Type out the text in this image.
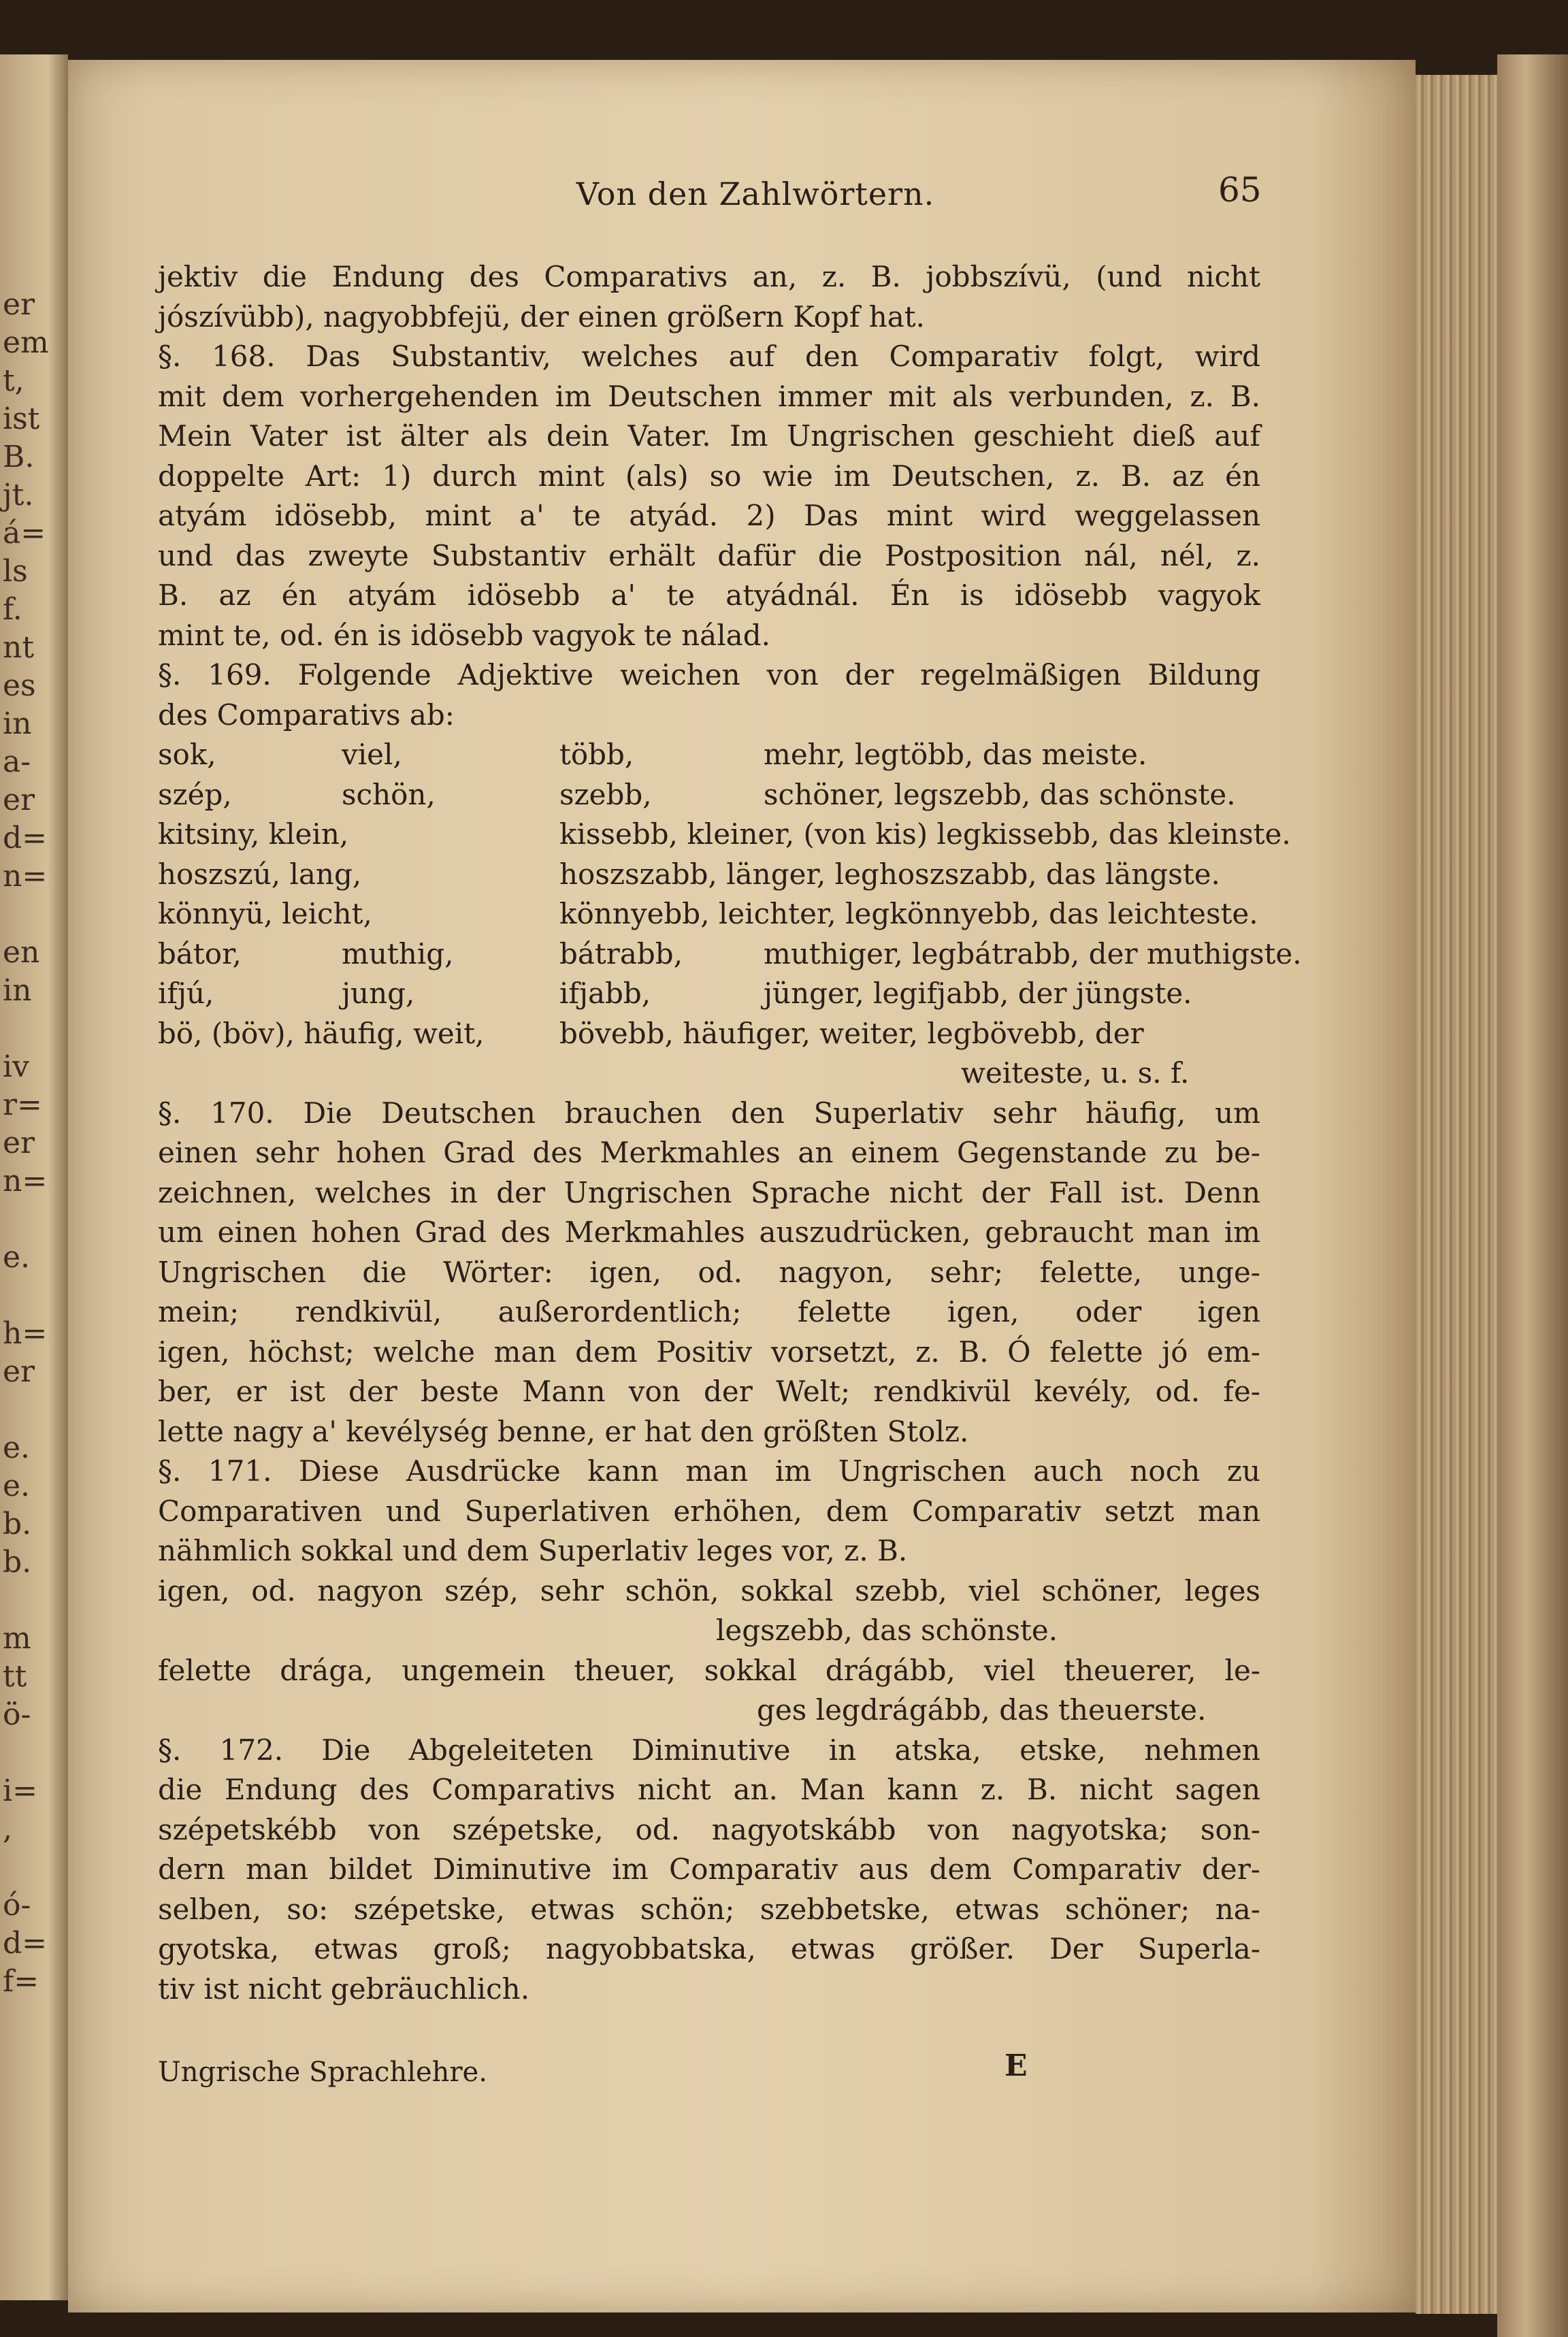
er
em
t,
ist
B.
jt.
á=
ls
f.
nt
es
in
a-
er
d=
n=

en
in

iv
r=
er
n=

e.

h=
er

e.
e.
b.
b.

m
tt
ö-

i=
,

ó-
d=
f=
Von den Zahlwörtern.	65
jektiv die Endung des Comparativs an, z. B. jobbszívü, (und nicht
jószívübb), nagyobbfejü, der einen größern Kopf hat.
§. 168. Das Substantiv, welches auf den Comparativ folgt, wird
mit dem vorhergehenden im Deutschen immer mit als verbunden, z. B.
Mein Vater ist älter als dein Vater. Im Ungrischen geschieht dieß auf
doppelte Art: 1) durch mint (als) so wie im Deutschen, z. B. az én
atyám idösebb, mint a' te atyád. 2) Das mint wird weggelassen
und das zweyte Substantiv erhält dafür die Postposition nál, nél, z.
B. az én atyám idösebb a' te atyádnál. Én is idösebb vagyok
mint te, od. én is idösebb vagyok te nálad.
§. 169. Folgende Adjektive weichen von der regelmäßigen Bildung
des Comparativs ab:
sok,	viel,	több,	mehr, legtöbb, das meiste.
szép,	schön,	szebb,	schöner, legszebb, das schönste.
kitsiny, klein,	kissebb, kleiner, (von kis) legkissebb, das kleinste.
hoszszú, lang,	hoszszabb, länger, leghoszszabb, das längste.
könnyü, leicht,	könnyebb, leichter, legkönnyebb, das leichteste.
bátor,	muthig,	bátrabb,	muthiger, legbátrabb, der muthigste.
ifjú,	jung,	ifjabb,	jünger, legifjabb, der jüngste.
bö, (böv), häufig, weit,	bövebb, häufiger, weiter, legbövebb, der
weiteste, u. s. f.
§. 170. Die Deutschen brauchen den Superlativ sehr häufig, um
einen sehr hohen Grad des Merkmahles an einem Gegenstande zu be-
zeichnen, welches in der Ungrischen Sprache nicht der Fall ist. Denn
um einen hohen Grad des Merkmahles auszudrücken, gebraucht man im
Ungrischen die Wörter: igen, od. nagyon, sehr; felette, unge-
mein; rendkivül, außerordentlich; felette igen, oder igen
igen, höchst; welche man dem Positiv vorsetzt, z. B. Ó felette jó em-
ber, er ist der beste Mann von der Welt; rendkivül kevély, od. fe-
lette nagy a' kevélység benne, er hat den größten Stolz.
§. 171. Diese Ausdrücke kann man im Ungrischen auch noch zu
Comparativen und Superlativen erhöhen, dem Comparativ setzt man
nähmlich sokkal und dem Superlativ leges vor, z. B.
igen, od. nagyon szép, sehr schön, sokkal szebb, viel schöner, leges
legszebb, das schönste.
felette drága, ungemein theuer, sokkal drágább, viel theuerer, le-
ges legdrágább, das theuerste.
§. 172. Die Abgeleiteten Diminutive in atska, etske, nehmen
die Endung des Comparativs nicht an. Man kann z. B. nicht sagen
szépetskébb von szépetske, od. nagyotskább von nagyotska; son-
dern man bildet Diminutive im Comparativ aus dem Comparativ der-
selben, so: szépetske, etwas schön; szebbetske, etwas schöner; na-
gyotska, etwas groß; nagyobbatska, etwas größer. Der Superla-
tiv ist nicht gebräuchlich.
Ungrische Sprachlehre.	E
